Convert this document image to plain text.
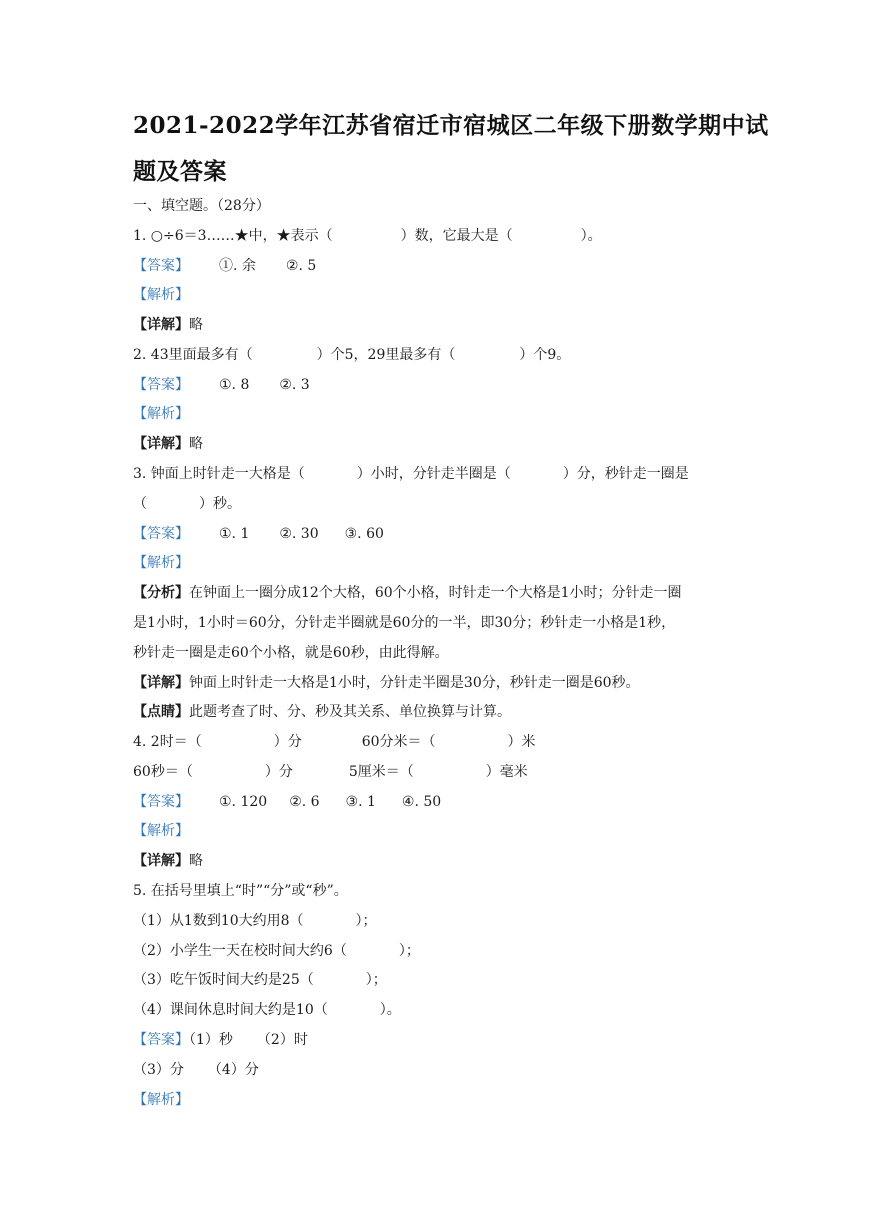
2021-2022学年江苏省宿迁市宿城区二年级下册数学期中试
题及答案
一、填空题。（28分）
1. ○÷6＝3……★中，★表示（	）数，它最大是（	）。
【答案】 ①. 余 ②. 5
【解析】
【详解】略
2. 43里面最多有（	）个5，29里最多有（	）个9。
【答案】 ①. 8 ②. 3
【解析】
【详解】略
3. 钟面上时针走一大格是（	）小时，分针走半圈是（	）分，秒针走一圈是
（	）秒。
【答案】 ①. 1 ②. 30 ③. 60
【解析】
【分析】在钟面上一圈分成12个大格，60个小格，时针走一个大格是1小时；分针走一圈
是1小时，1小时＝60分，分针走半圈就是60分的一半，即30分；秒针走一小格是1秒，
秒针走一圈是走60个小格，就是60秒，由此得解。
【详解】钟面上时针走一大格是1小时，分针走半圈是30分，秒针走一圈是60秒。
【点睛】此题考查了时、分、秒及其关系、单位换算与计算。
4. 2时＝（	）分	60分米＝（	）米
60秒＝（	）分	5厘米＝（	）毫米
【答案】 ①. 120 ②. 6 ③. 1 ④. 50
【解析】
【详解】略
5. 在括号里填上“时”“分”或“秒”。
（1）从1数到10大约用8（	）；
（2）小学生一天在校时间大约6（	）；
（3）吃午饭时间大约是25（	）；
（4）课间休息时间大约是10（	）。
【答案】（1）秒 （2）时
（3）分 （4）分
【解析】
